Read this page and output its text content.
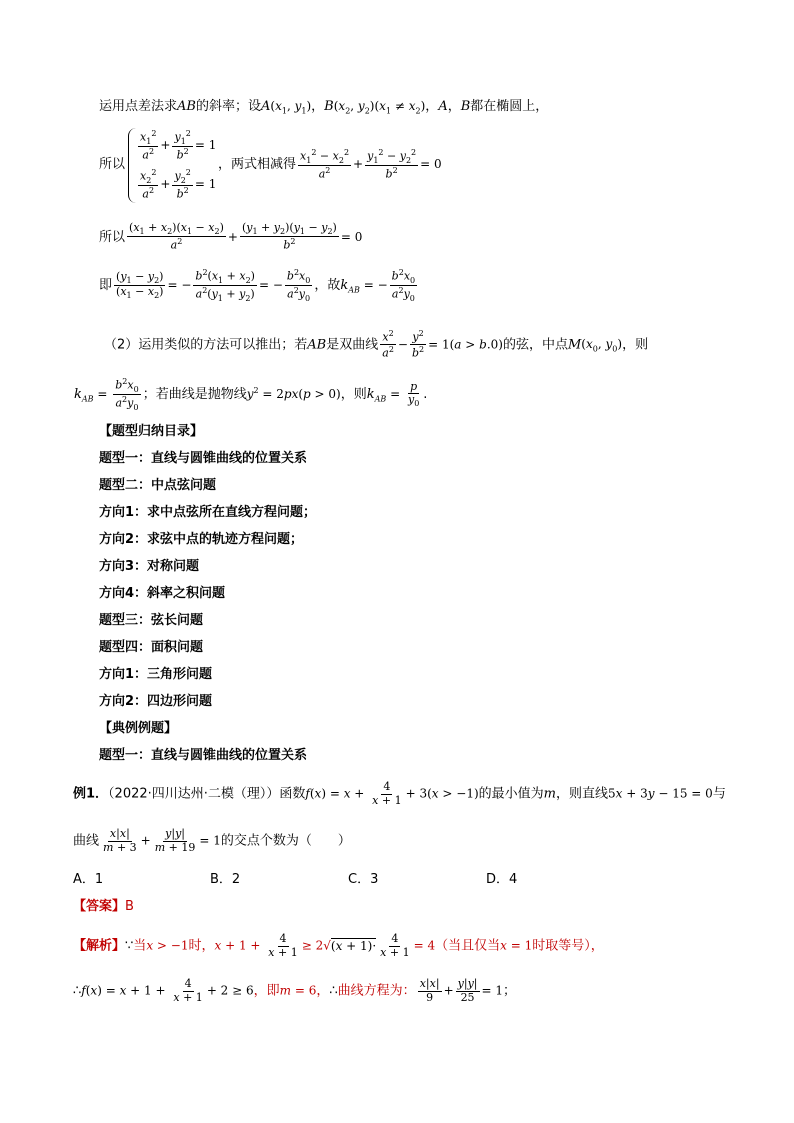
运用点差法求AB的斜率；设$A(x_1$, $y_1$)，$B(x_2$, $y_2)(x_1 \ne x_2)$，A，B都在椭圆上，
所以
$\frac{x_1^2}{a^2} + \frac{y_1^2}{b^2} = 1$
$\frac{x_2^2}{a^2} + \frac{y_2^2}{b^2} = 1$
，两式相减得 $\frac{x_1^2 - x_2^2}{a^2} + \frac{y_1^2 - y_2^2}{b^2} = 0$
所以 $\frac{(x_1 + x_2)(x_1 - x_2)}{a^2} + \frac{(y_1 + y_2)(y_1 - y_2)}{b^2} = 0$
即 $\frac{(y_1 - y_2)}{(x_1 - x_2)}$ = − $\frac{b^2(x_1 + x_2)}{a^2(y_1 + y_2)}$ = − $\frac{b^2x_0}{a^2y_0}$ ，故$k_{AB}$ = − $\frac{b^2x_0}{a^2y_0}$
（2）运用类似的方法可以推出；若AB是双曲线 $\frac{x^2}{a^2} - \frac{y^2}{b^2} = 1(a > b.0)$的弦，中点$M(x_0$, $y_0$)，则
$k_{AB} = \frac{b^2x_0}{a^2y_0}$ ；若曲线是抛物线$y^2 = 2px(p > 0)$，则$k_{AB} = \frac{p}{y_0}$ .
【题型归纳目录】
题型一：直线与圆锥曲线的位置关系
题型二：中点弦问题
方向1：求中点弦所在直线方程问题；
方向2：求弦中点的轨迹方程问题；
方向3：对称问题
方向4：斜率之积问题
题型三：弦长问题
题型四：面积问题
方向1：三角形问题
方向2：四边形问题
【典例例题】
题型一：直线与圆锥曲线的位置关系
例1．（2022·四川达州·二模（理））函数$f(x) = x + \frac{4}{x + 1} + 3(x > -1)$的最小值为m，则直线5x + 3y − 15 = 0与
曲线 $\frac{x|x|}{m + 3} + \frac{y|y|}{m + 19} = 1$的交点个数为（　　）
A．1	B．2	C．3	D．4
【答案】B
【解析】∵当x > −1时，$x + 1 + \frac{4}{x + 1} \ge 2√(x + 1)\cdot \frac{4}{x + 1} = 4$（当且仅当x = 1时取等号），
∴f(x) = $x + 1 + \frac{4}{x + 1} + 2 \ge 6$，即m = 6，∴曲线方程为： $\frac{x|x|}{9} + \frac{y|y|}{25} = 1$；
